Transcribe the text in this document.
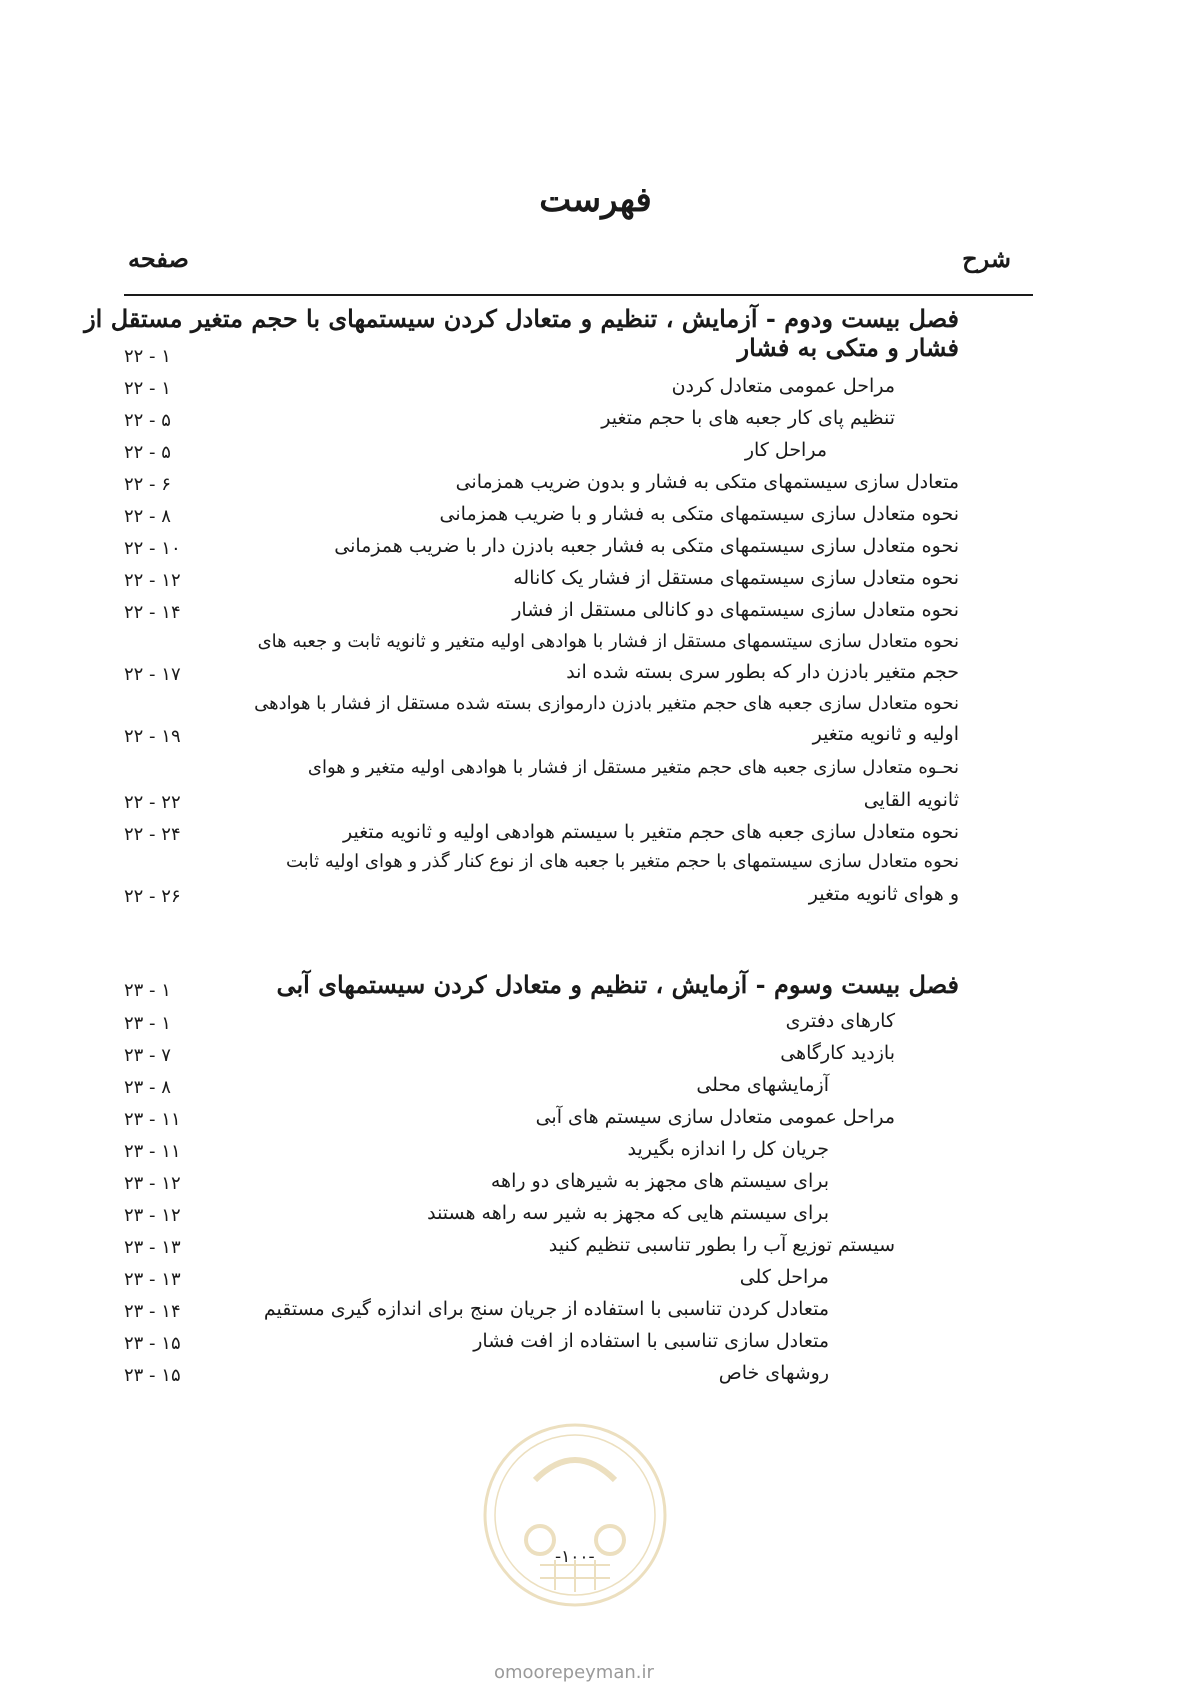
فهرست
شرح
صفحه
فصل بیست ودوم - آزمایش ، تنظیم و متعادل کردن سیستمهای با حجم متغیر مستقل از
فشار و متکی به فشار
۲۲ - ۱
مراحل عمومی متعادل کردن
۲۲ - ۱
تنظیم پای کار جعبه های با حجم متغیر
۲۲ - ۵
مراحل کار
۲۲ - ۵
متعادل سازی سیستمهای متکی به فشار و بدون ضریب همزمانی
۲۲ - ۶
نحوه متعادل سازی سیستمهای متکی به فشار و با ضریب همزمانی
۲۲ - ۸
نحوه متعادل سازی سیستمهای متکی به فشار جعبه بادزن دار با ضریب همزمانی
۲۲ - ۱۰
نحوه متعادل سازی سیستمهای مستقل از فشار یک کاناله
۲۲ - ۱۲
نحوه متعادل سازی سیستمهای دو کانالی مستقل از فشار
۲۲ - ۱۴
نحوه متعادل سازی سیتسمهای مستقل از فشار با هوادهی اولیه متغیر و ثانویه ثابت و جعبه های
حجم متغیر بادزن دار که بطور سری بسته شده اند
۲۲ - ۱۷
نحوه متعادل سازی جعبه های حجم متغیر بادزن دارموازی بسته شده مستقل از فشار با هوادهی
اولیه و ثانویه متغیر
۲۲ - ۱۹
نحـوه متعادل سازی جعبه های حجم متغیر مستقل از فشار با هوادهی اولیه متغیر و هوای
ثانویه القایی
۲۲ - ۲۲
نحوه متعادل سازی جعبه های حجم متغیر با سیستم هوادهی اولیه و ثانویه متغیر
۲۲ - ۲۴
نحوه متعادل سازی سیستمهای با حجم متغیر با جعبه های از نوع کنار گذر و هوای اولیه ثابت
و هوای ثانویه متغیر
۲۲ - ۲۶
فصل بیست وسوم - آزمایش ، تنظیم و متعادل کردن سیستمهای آبی
۲۳ - ۱
کارهای دفتری
۲۳ - ۱
بازدید کارگاهی
۲۳ - ۷
آزمایشهای محلی
۲۳ - ۸
مراحل عمومی متعادل سازی سیستم های آبی
۲۳ - ۱۱
جریان کل را اندازه بگیرید
۲۳ - ۱۱
برای سیستم های مجهز به شیرهای دو راهه
۲۳ - ۱۲
برای سیستم هایی که مجهز به شیر سه راهه هستند
۲۳ - ۱۲
سیستم توزیع آب را بطور تناسبی تنظیم کنید
۲۳ - ۱۳
مراحل کلی
۲۳ - ۱۳
متعادل کردن تناسبی با استفاده از جریان سنج برای اندازه گیری مستقیم
۲۳ - ۱۴
متعادل سازی تناسبی با استفاده از افت فشار
۲۳ - ۱۵
روشهای خاص
۲۳ - ۱۵
-۱۰۰-
omoorepeyman.ir
